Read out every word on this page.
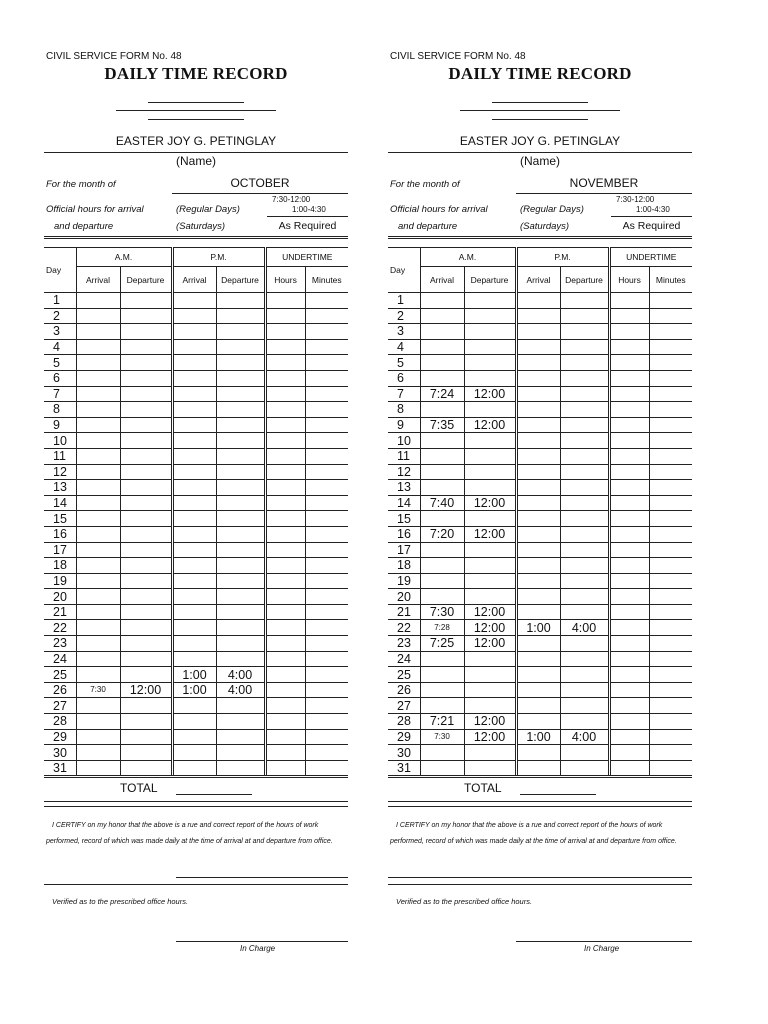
CIVIL SERVICE FORM No. 48
DAILY TIME RECORD
EASTER JOY G. PETINGLAY
(Name)
For the month of	OCTOBER
Official hours for arrival
and departure
(Regular Days)
(Saturdays)
7:30-12:00
1:00-4:30
As Required
Day	A.M.		P.M.		UNDERTIME	
	Arrival	Departure	Arrival	Departure	Hours	Minutes
1						
2						
3						
4						
5						
6						
7						
8						
9						
10						
11						
12						
13						
14						
15						
16						
17						
18						
19						
20						
21						
22						
23						
24						
25			1:00	4:00		
26	7:30	12:00	1:00	4:00		
27						
28						
29						
30						
31						
TOTAL

I CERTIFY on my honor that the above is a rue and correct report of the hours of work performed, record of which was made daily at the time of arrival at and departure from office.

Verified as to the prescribed office hours.
In Charge
CIVIL SERVICE FORM No. 48
DAILY TIME RECORD
EASTER JOY G. PETINGLAY
(Name)
For the month of	NOVEMBER
Official hours for arrival
and departure
(Regular Days)
(Saturdays)
7:30-12:00
1:00-4:30
As Required
Day	A.M.		P.M.		UNDERTIME	
	Arrival	Departure	Arrival	Departure	Hours	Minutes
1						
2						
3						
4						
5						
6						
7	7:24	12:00				
8						
9	7:35	12:00				
10						
11						
12						
13						
14	7:40	12:00				
15						
16	7:20	12:00				
17						
18						
19						
20						
21	7:30	12:00				
22	7:28	12:00	1:00	4:00		
23	7:25	12:00				
24						
25						
26						
27						
28	7:21	12:00				
29	7:30	12:00	1:00	4:00		
30						
31						
TOTAL

I CERTIFY on my honor that the above is a rue and correct report of the hours of work performed, record of which was made daily at the time of arrival at and departure from office.

Verified as to the prescribed office hours.
In Charge
